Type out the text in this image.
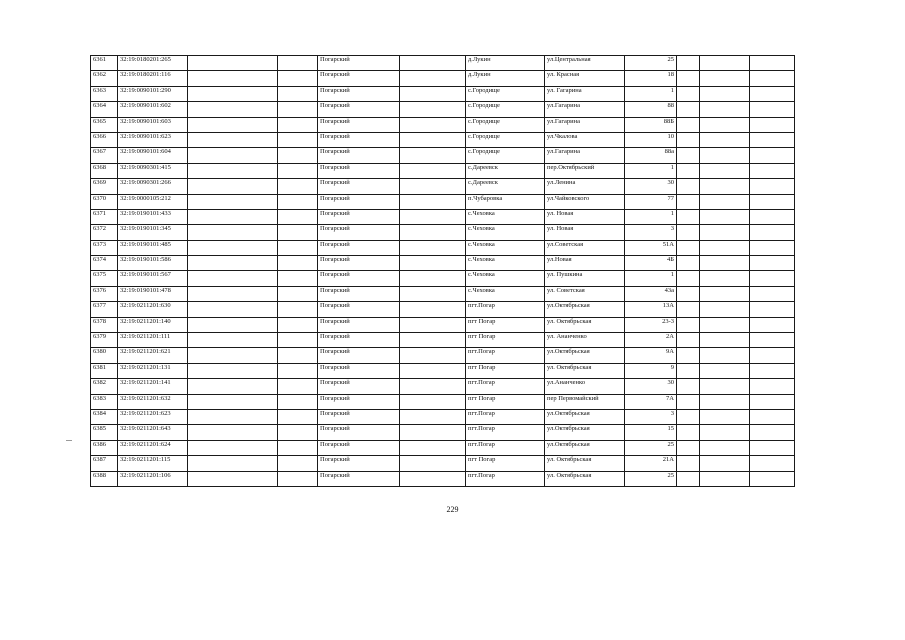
6361	32:19:0180201:265			Погарский		д.Лукин	ул.Центральная	25			
6362	32:19:0180201:116			Погарский		д.Лукин	ул. Красная	18			
6363	32:19:0090101:290			Погарский		с.Городище	ул. Гагарина	1			
6364	32:19:0090101:602			Погарский		с.Городище	ул.Гагарина	88			
6365	32:19:0090101:603			Погарский		с.Городище	ул.Гагарина	88Б			
6366	32:19:0090101:623			Погарский		с.Городище	ул.Чкалова	10			
6367	32:19:0090101:604			Погарский		с.Городище	ул.Гагарина	88а			
6368	32:19:0090301:415			Погарский		с.Дареевск	пер.Октябрьский	1			
6369	32:19:0090301:266			Погарский		с.Дареевск	ул.Ленина	30			
6370	32:19:0000105:212			Погарский		п.Чубаровка	ул.Чайковского	77			
6371	32:19:0190101:433			Погарский		с.Чеховка	ул. Новая	1			
6372	32:19:0190101:345			Погарский		с.Чеховка	ул. Новая	3			
6373	32:19:0190101:485			Погарский		с.Чеховка	ул.Советская	51А			
6374	32:19:0190101:586			Погарский		с.Чеховка	ул.Новая	4Б			
6375	32:19:0190101:567			Погарский		с.Чеховка	ул. Пушкина	1			
6376	32:19:0190101:478			Погарский		с.Чеховка	ул. Советская	43а			
6377	32:19:0211201:630			Погарский		пгт.Погар	ул.Октябрьская	13А			
6378	32:19:0211201:140			Погарский		пгт Погар	ул. Октябрьская	23-3			
6379	32:19:0211201:111			Погарский		пгт Погар	ул. Ананченко	2А			
6380	32:19:0211201:621			Погарский		пгт.Погар	ул.Октябрьская	9А			
6381	32:19:0211201:131			Погарский		пгт Погар	ул. Октябрьская	9			
6382	32:19:0211201:141			Погарский		пгт.Погар	ул.Ананченко	30			
6383	32:19:0211201:632			Погарский		пгт Погар	пер Первомайский	7А			
6384	32:19:0211201:623			Погарский		пгт.Погар	ул.Октябрьская	3			
6385	32:19:0211201:643			Погарский		пгт.Погар	ул.Октябрьская	15			
6386	32:19:0211201:624			Погарский		пгт.Погар	ул.Октябрьская	25			
6387	32:19:0211201:115			Погарский		пгт Погар	ул. Октябрьская	21А			
6388	32:19:0211201:106			Погарский		пгт.Погар	ул. Октябрьская	25			
229
